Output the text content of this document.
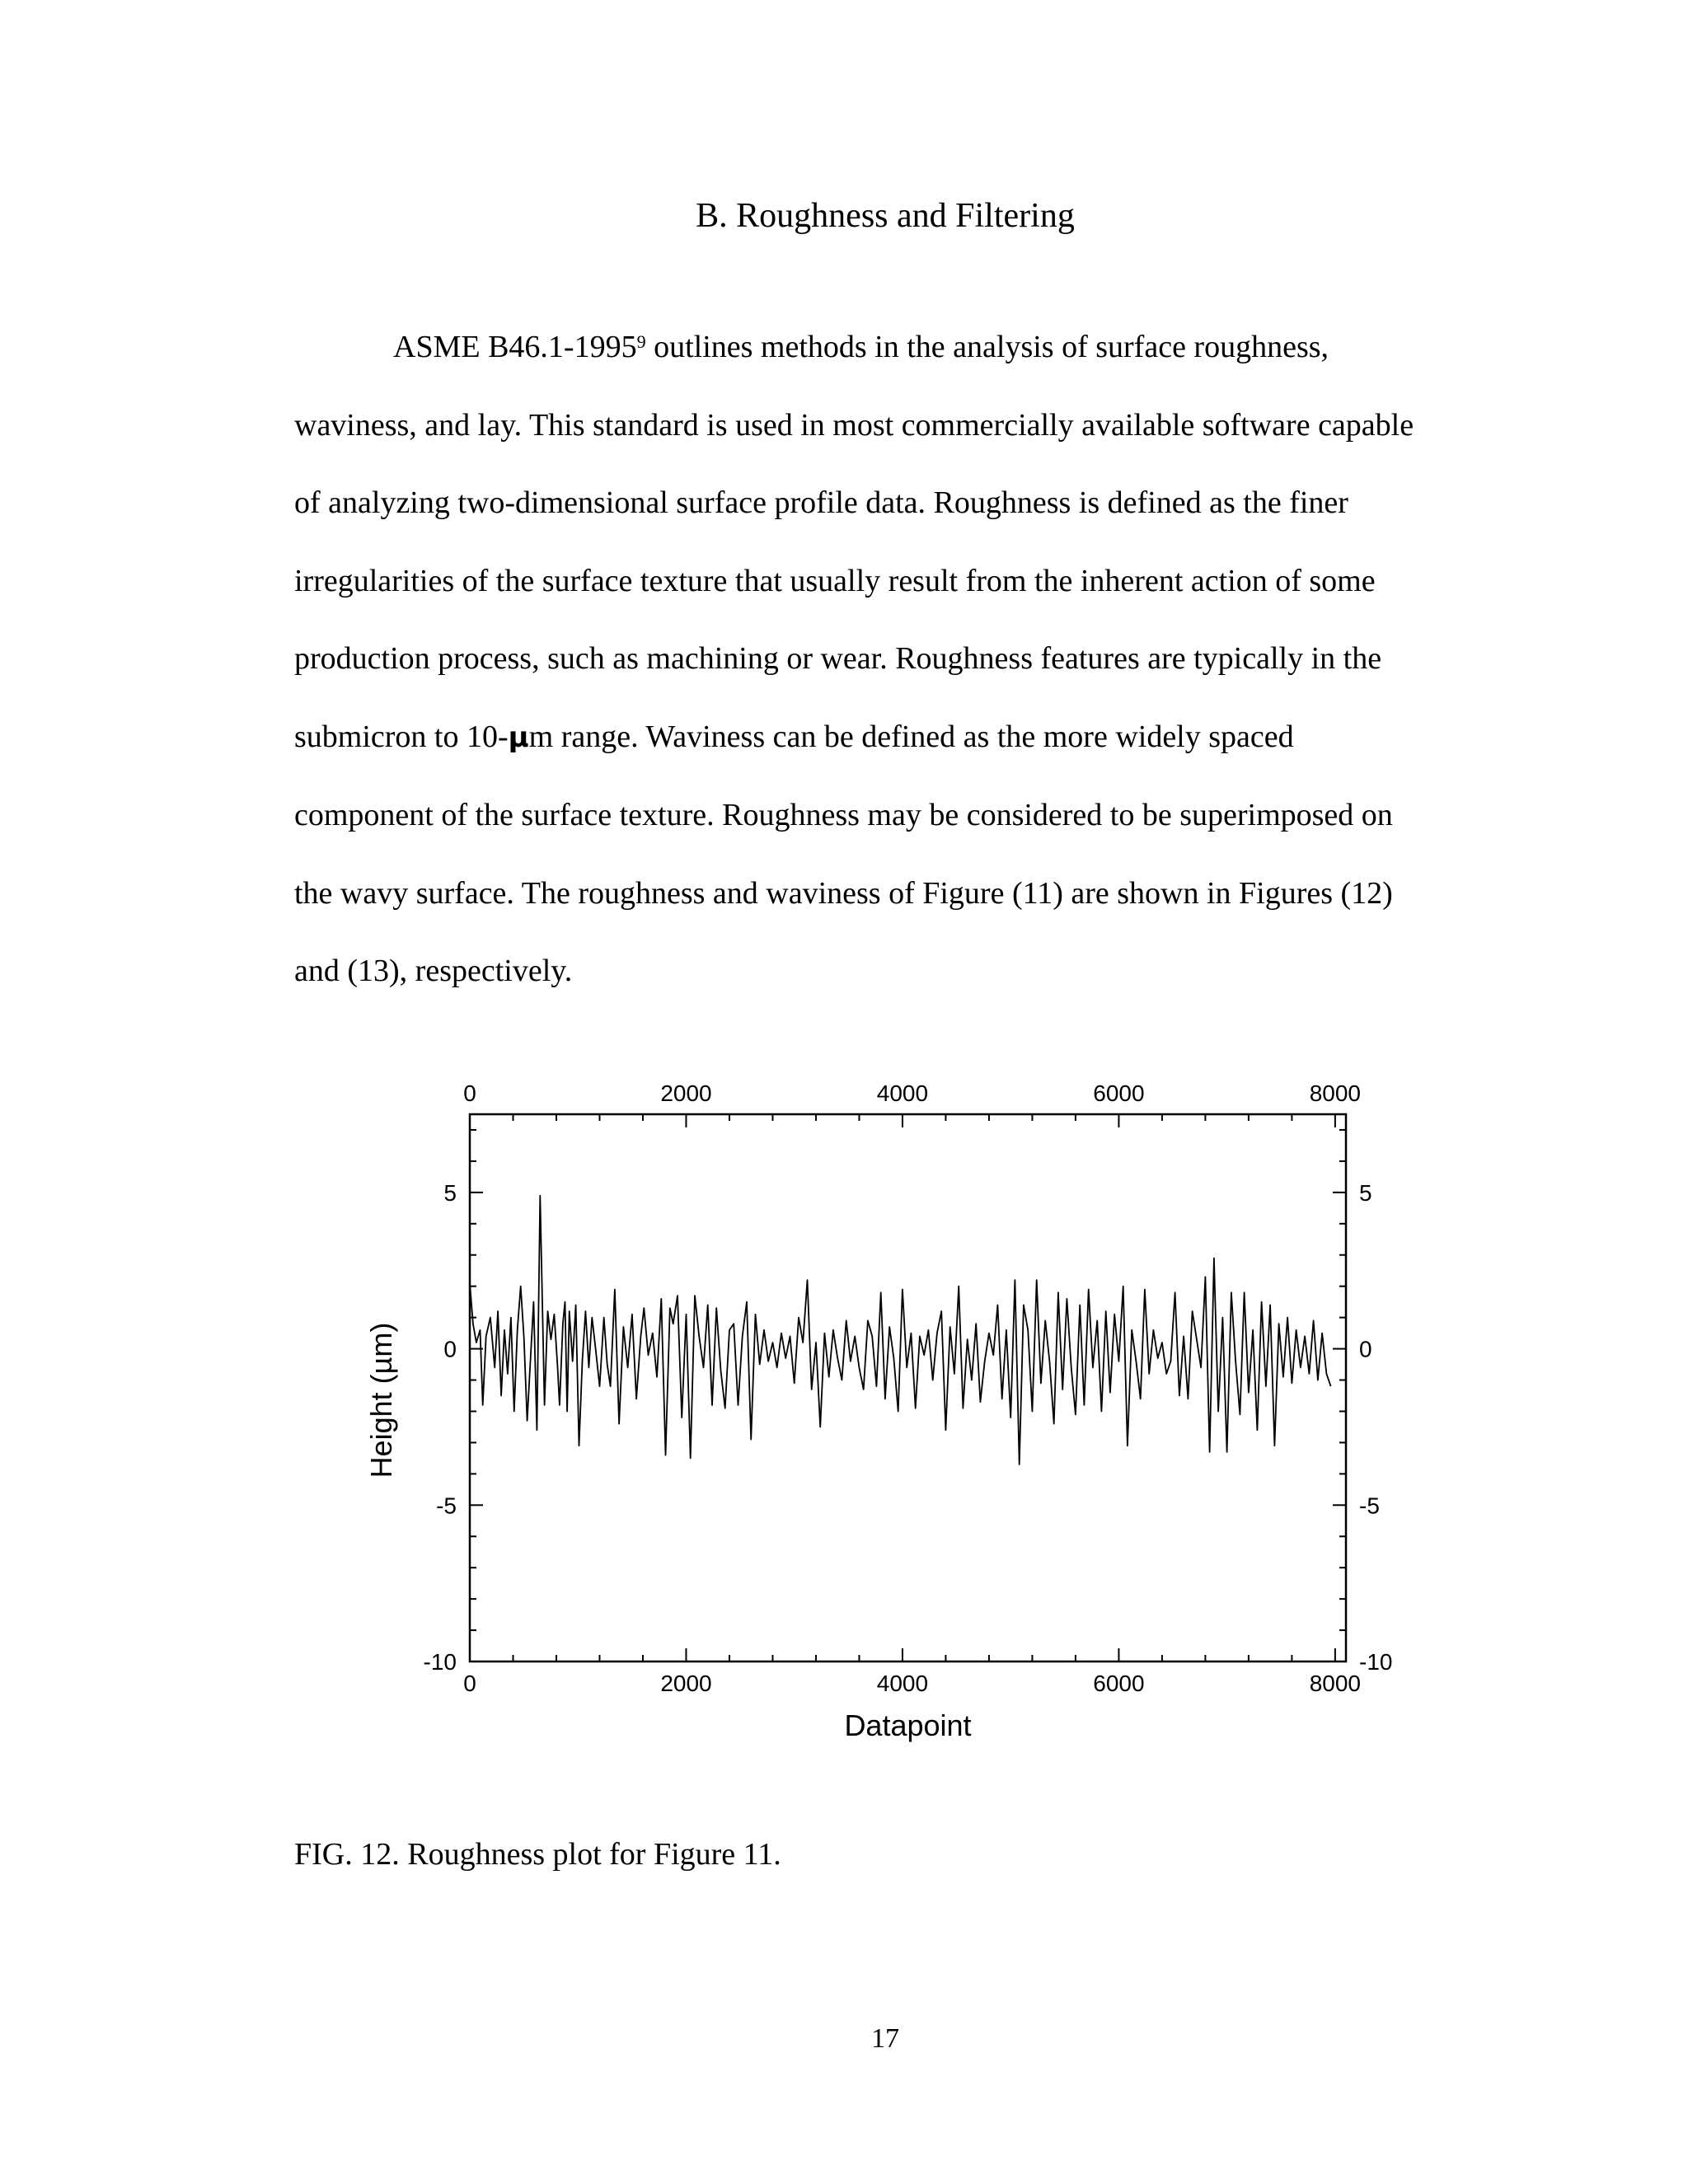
B. Roughness and Filtering

ASME B46.1-1995$^9$ outlines methods in the analysis of surface roughness,
waviness, and lay. This standard is used in most commercially available software capable
of analyzing two-dimensional surface profile data. Roughness is defined as the finer
irregularities of the surface texture that usually result from the inherent action of some
production process, such as machining or wear. Roughness features are typically in the
submicron to 10-µm range. Waviness can be defined as the more widely spaced
component of the surface texture. Roughness may be considered to be superimposed on
the wavy surface. The roughness and waviness of Figure (11) are shown in Figures (12)
and (13), respectively.

0
0
2000
2000
4000
4000
6000
6000
8000
8000
-10	-10
-5	-5
0	0
5	5
Datapoint
Height (µm)
FIG. 12. Roughness plot for Figure 11.
17
